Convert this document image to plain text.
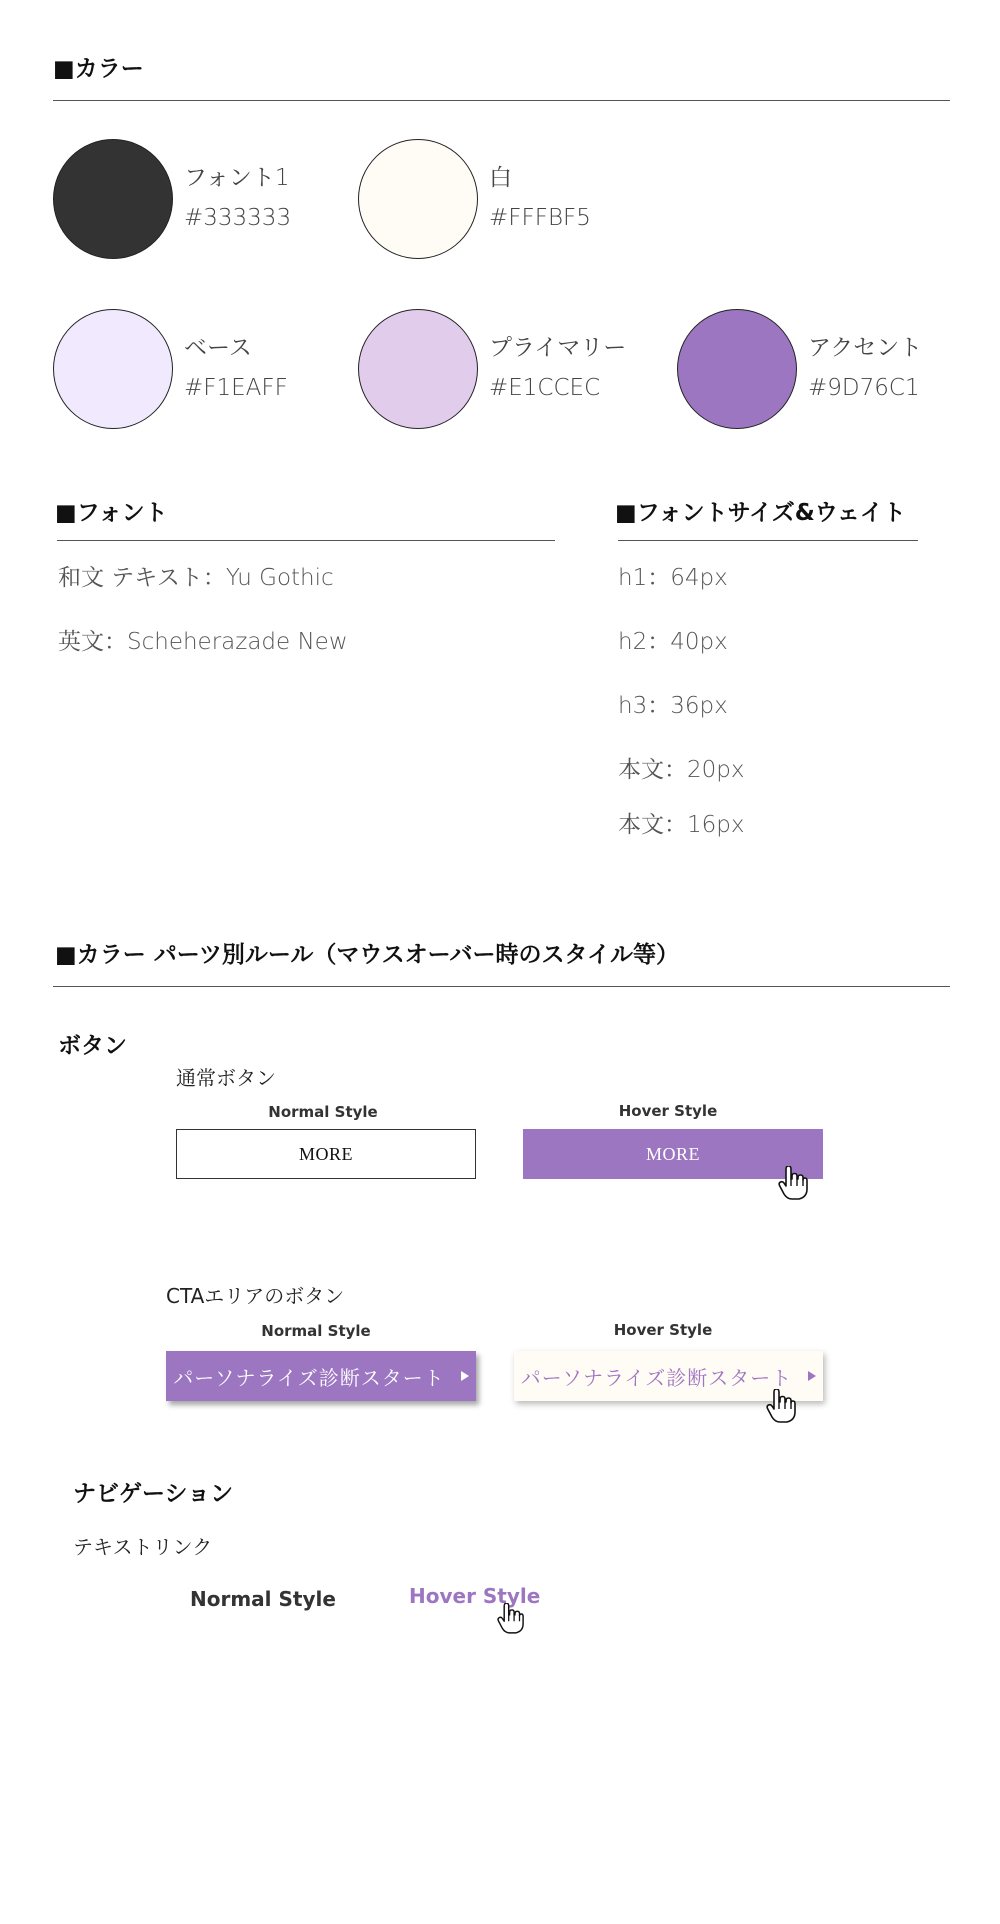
■カラー
フォント1
#333333
白
#FFFBF5
ベース
#F1EAFF
プライマリー
#E1CCEC
アクセント
#9D76C1
■フォント
和文 テキスト：Yu Gothic
英文：Scheherazade New
■フォントサイズ&ウェイト
h1：64px
h2：40px
h3：36px
本文：20px
本文：16px
■カラー パーツ別ルール（マウスオーバー時のスタイル等）
ボタン
通常ボタン
Normal Style	Hover Style
MORE	MORE
CTAエリアのボタン
Normal Style	Hover Style
パーソナライズ診断スタート	パーソナライズ診断スタート
ナビゲーション
テキストリンク
Normal Style	Hover Style
